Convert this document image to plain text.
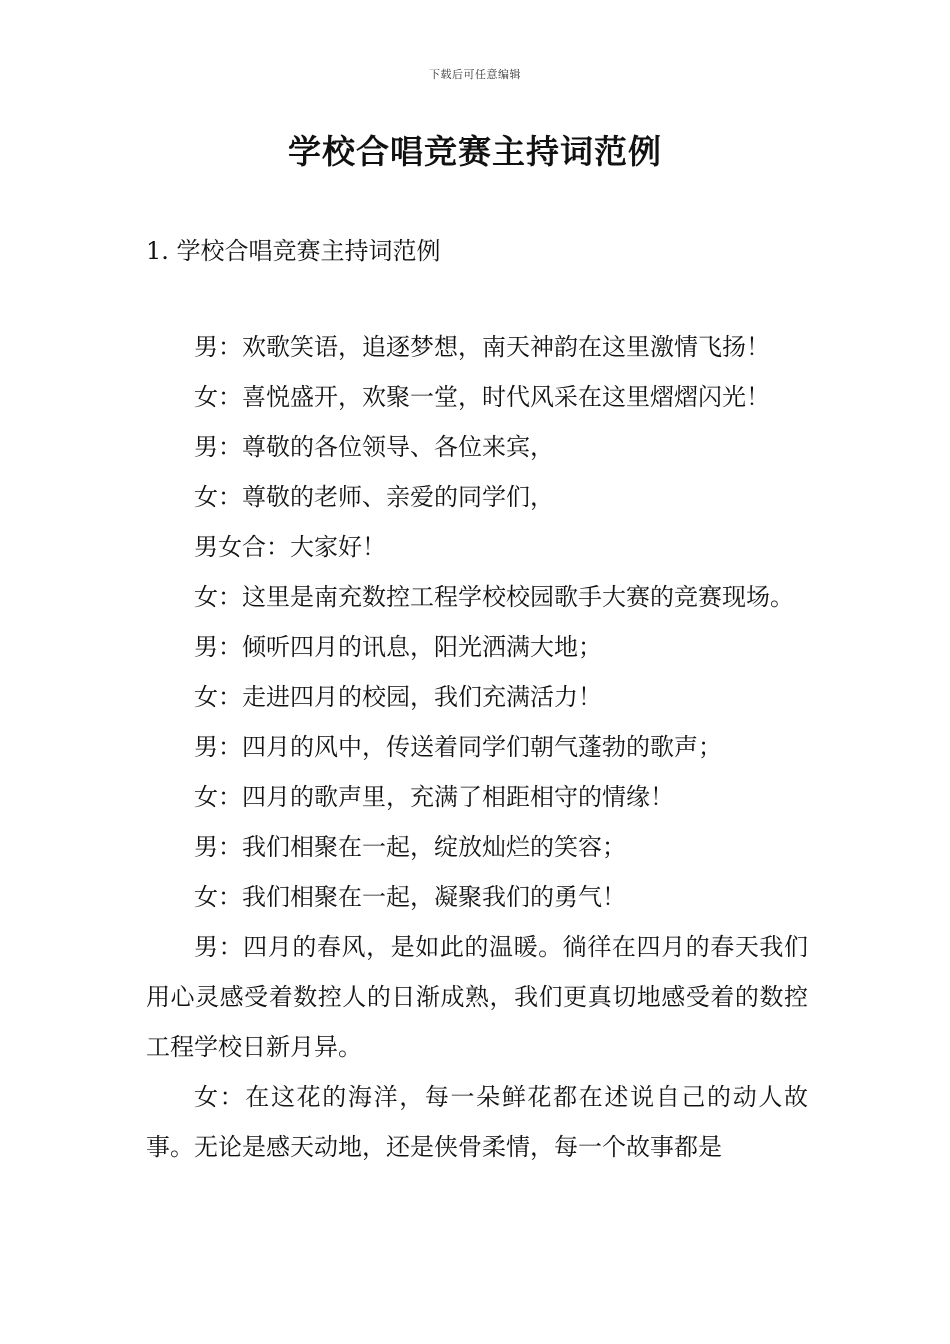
下载后可任意编辑
学校合唱竞赛主持词范例
1. 学校合唱竞赛主持词范例

男：欢歌笑语，追逐梦想，南天神韵在这里激情飞扬！

女：喜悦盛开，欢聚一堂，时代风采在这里熠熠闪光！

男：尊敬的各位领导、各位来宾，

女：尊敬的老师、亲爱的同学们，

男女合：大家好！

女：这里是南充数控工程学校校园歌手大赛的竞赛现场。

男：倾听四月的讯息，阳光洒满大地；

女：走进四月的校园，我们充满活力！

男：四月的风中，传送着同学们朝气蓬勃的歌声；

女：四月的歌声里，充满了相距相守的情缘！

男：我们相聚在一起，绽放灿烂的笑容；

女：我们相聚在一起，凝聚我们的勇气！

男：四月的春风，是如此的温暖。徜徉在四月的春天我们用心灵感受着数控人的日渐成熟，我们更真切地感受着的数控工程学校日新月异。

女：在这花的海洋，每一朵鲜花都在述说自己的动人故事。无论是感天动地，还是侠骨柔情，每一个故事都是
